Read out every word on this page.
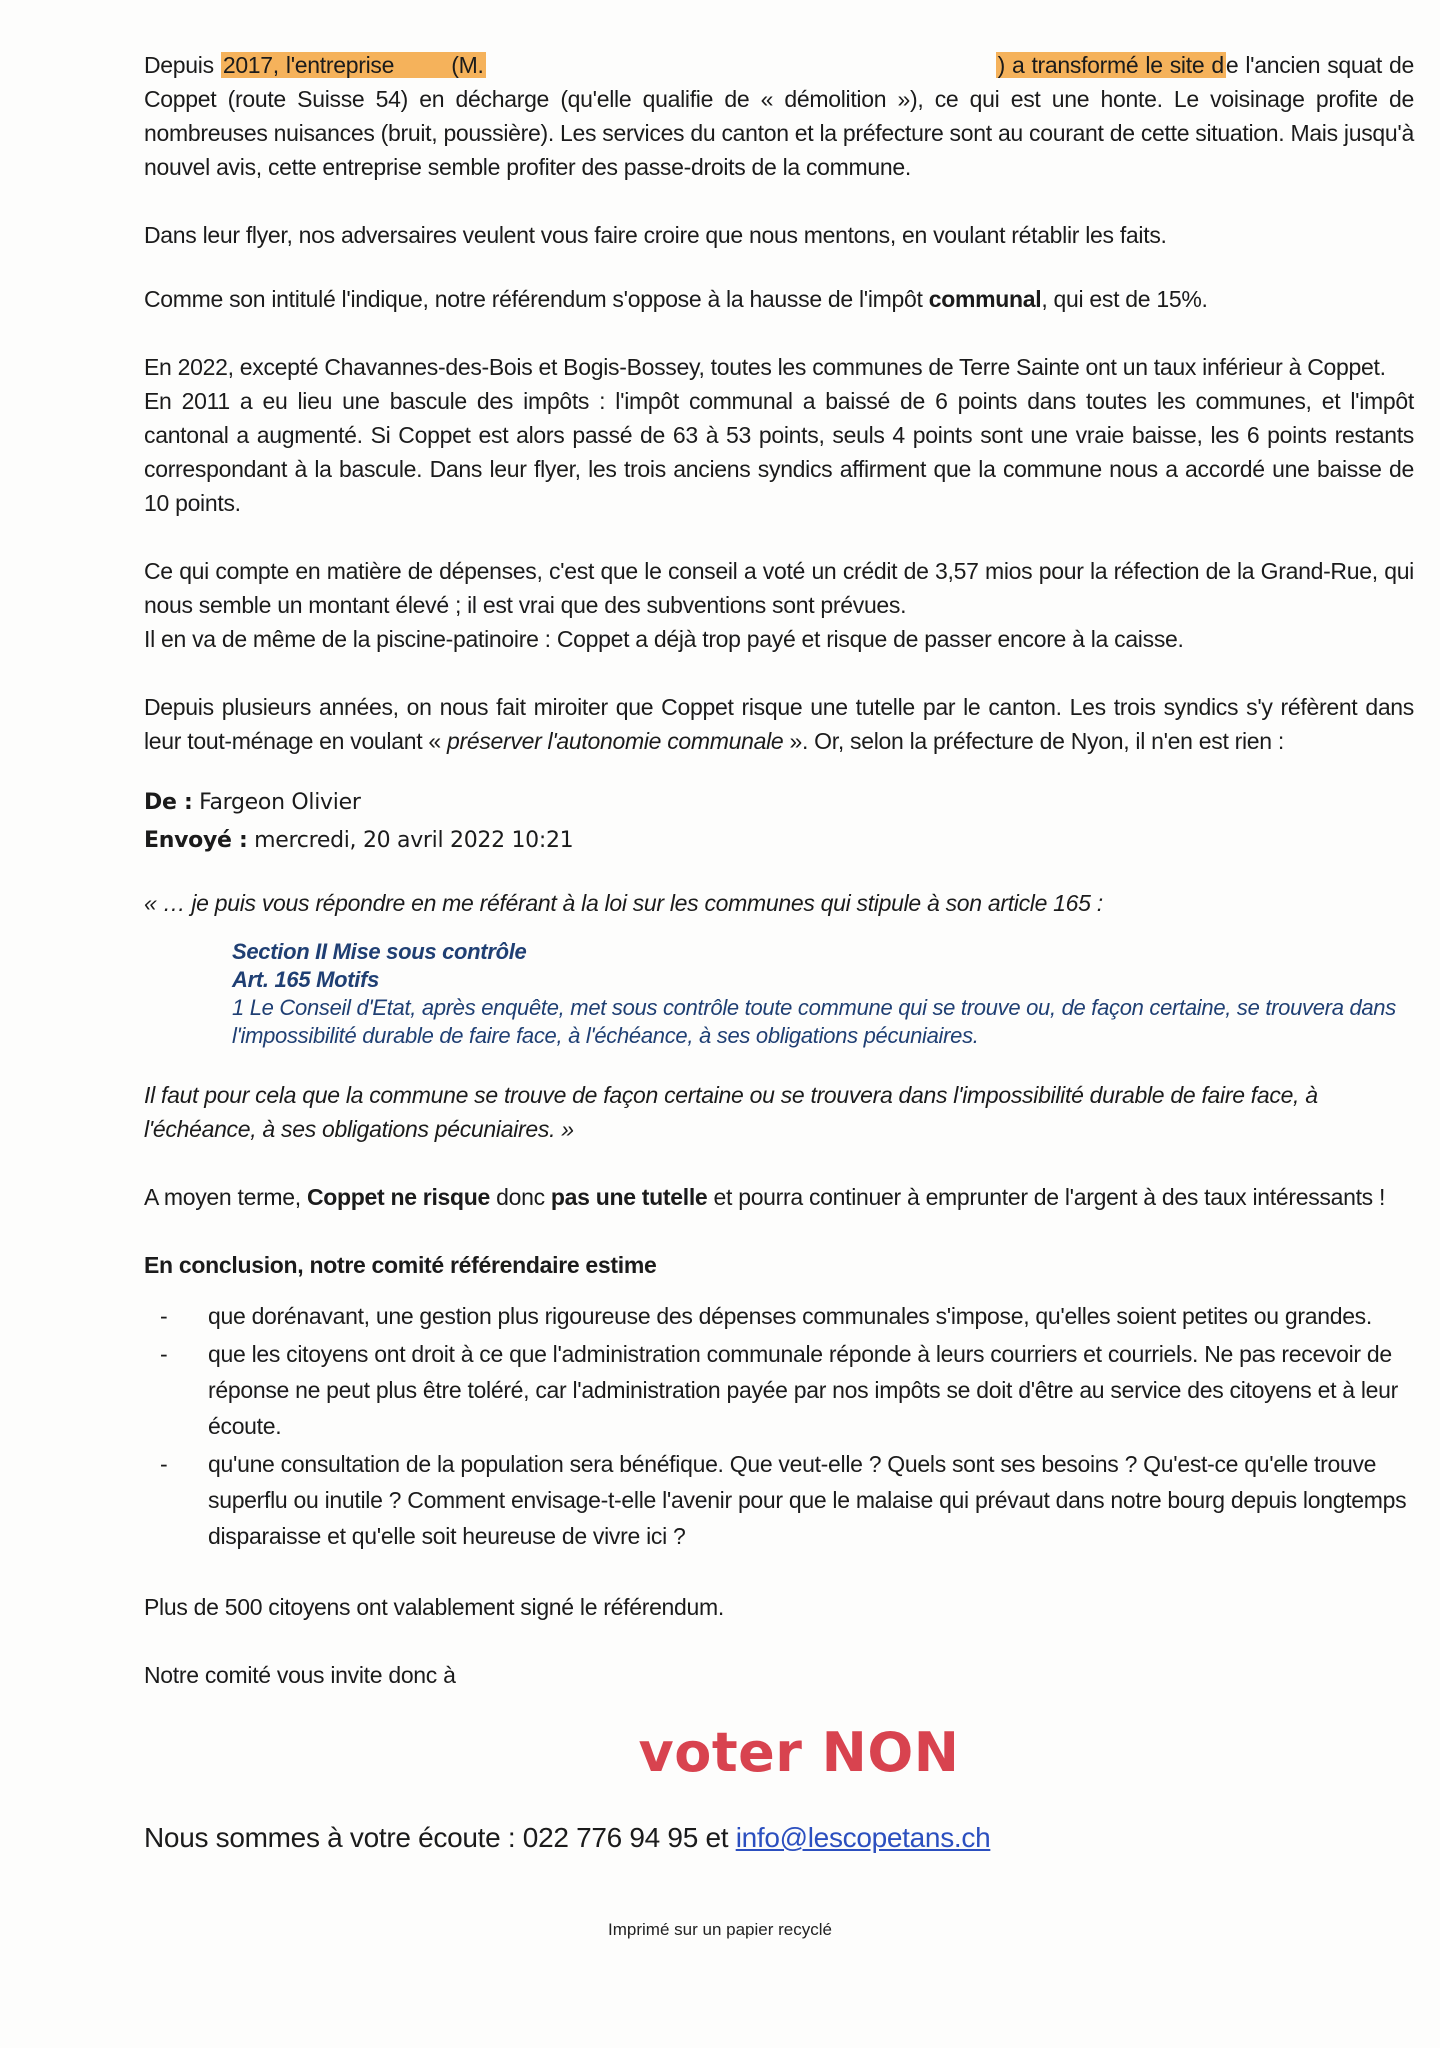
Depuis 2017, l'entreprise (M.	) a transformé le site de l'ancien squat de Coppet (route Suisse 54) en décharge (qu'elle qualifie de « démolition »), ce qui est une honte. Le voisinage profite de nombreuses nuisances (bruit, poussière). Les services du canton et la préfecture sont au courant de cette situation. Mais jusqu'à nouvel avis, cette entreprise semble profiter des passe-droits de la commune.

Dans leur flyer, nos adversaires veulent vous faire croire que nous mentons, en voulant rétablir les faits.

Comme son intitulé l'indique, notre référendum s'oppose à la hausse de l'impôt communal, qui est de 15%.

En 2022, excepté Chavannes-des-Bois et Bogis-Bossey, toutes les communes de Terre Sainte ont un taux inférieur à Coppet.

En 2011 a eu lieu une bascule des impôts : l'impôt communal a baissé de 6 points dans toutes les communes, et l'impôt cantonal a augmenté. Si Coppet est alors passé de 63 à 53 points, seuls 4 points sont une vraie baisse, les 6 points restants correspondant à la bascule. Dans leur flyer, les trois anciens syndics affirment que la commune nous a accordé une baisse de 10 points.

Ce qui compte en matière de dépenses, c'est que le conseil a voté un crédit de 3,57 mios pour la réfection de la Grand-Rue, qui nous semble un montant élevé ; il est vrai que des subventions sont prévues.

Il en va de même de la piscine-patinoire : Coppet a déjà trop payé et risque de passer encore à la caisse.

Depuis plusieurs années, on nous fait miroiter que Coppet risque une tutelle par le canton. Les trois syndics s'y réfèrent dans leur tout-ménage en voulant « préserver l'autonomie communale ». Or, selon la préfecture de Nyon, il n'en est rien :

De : Fargeon Olivier
Envoyé : mercredi, 20 avril 2022 10:21

« … je puis vous répondre en me référant à la loi sur les communes qui stipule à son article 165 :

Section II Mise sous contrôle
Art. 165 Motifs
1 Le Conseil d'Etat, après enquête, met sous contrôle toute commune qui se trouve ou, de façon certaine, se trouvera dans l'impossibilité durable de faire face, à l'échéance, à ses obligations pécuniaires.

Il faut pour cela que la commune se trouve de façon certaine ou se trouvera dans l'impossibilité durable de faire face, à l'échéance, à ses obligations pécuniaires. »

A moyen terme, Coppet ne risque donc pas une tutelle et pourra continuer à emprunter de l'argent à des taux intéressants !

En conclusion, notre comité référendaire estime

- que dorénavant, une gestion plus rigoureuse des dépenses communales s'impose, qu'elles soient petites ou grandes.
- que les citoyens ont droit à ce que l'administration communale réponde à leurs courriers et courriels. Ne pas recevoir de réponse ne peut plus être toléré, car l'administration payée par nos impôts se doit d'être au service des citoyens et à leur écoute.
- qu'une consultation de la population sera bénéfique. Que veut-elle ? Quels sont ses besoins ? Qu'est-ce qu'elle trouve superflu ou inutile ? Comment envisage-t-elle l'avenir pour que le malaise qui prévaut dans notre bourg depuis longtemps disparaisse et qu'elle soit heureuse de vivre ici ?

Plus de 500 citoyens ont valablement signé le référendum.

Notre comité vous invite donc à

voter NON
Nous sommes à votre écoute : 022 776 94 95 et info@lescopetans.ch
Imprimé sur un papier recyclé
